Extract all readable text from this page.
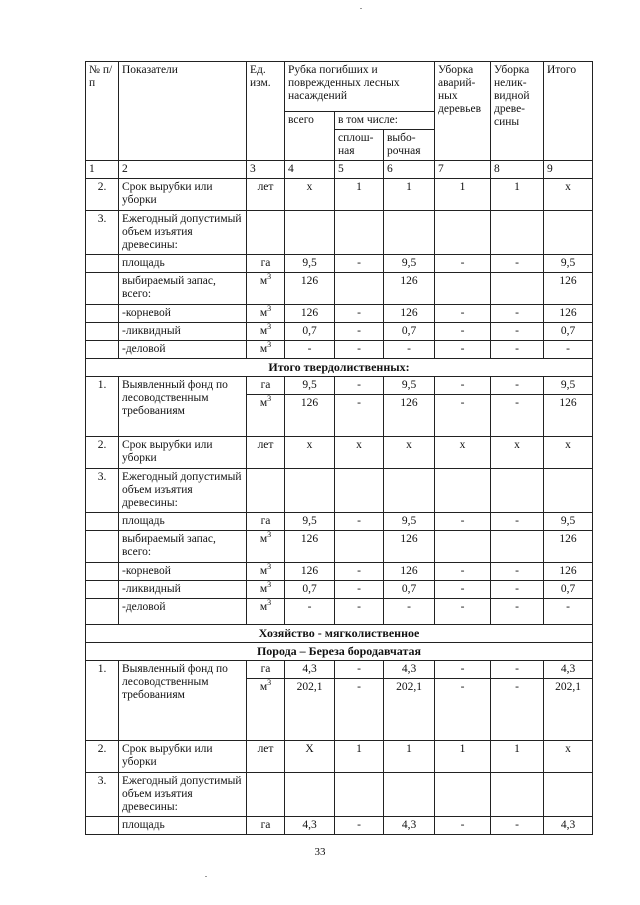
№ п/п	Показатели	Ед. изм.	Рубка погибших и поврежденных лесных насаждений			Уборка аварий-ных деревьев	Уборка нелик-видной древе-сины	Итого
			всего	в том числе:				
				сплош-ная	выбо-рочная			
1	2	3	4	5	6	7	8	9
2.	Срок вырубки или уборки	лет	х	1	1	1	1	х
3.	Ежегодный допустимый объем изъятия древесины:							
	площадь	га	9,5	-	9,5	-	-	9,5
	выбираемый запас, всего:	$м^3$	126		126			126
	-корневой	$м^3$	126	-	126	-	-	126
	-ликвидный	$м^3$	0,7	-	0,7	-	-	0,7
	-деловой	$м^3$	-	-	-	-	-	-
Итого твердолиственных:								
1.	Выявленный фонд по лесоводственным требованиям	га	9,5	-	9,5	-	-	9,5
		$м^3$	126	-	126	-	-	126
2.	Срок вырубки или уборки	лет	х	х	х	х	х	х
3.	Ежегодный допустимый объем изъятия древесины:							
	площадь	га	9,5	-	9,5	-	-	9,5
	выбираемый запас, всего:	$м^3$	126		126			126
	-корневой	$м^3$	126	-	126	-	-	126
	-ликвидный	$м^3$	0,7	-	0,7	-	-	0,7
	-деловой	$м^3$	-	-	-	-	-	-
Хозяйство - мягколиственное								
Порода – Береза бородавчатая								
1.	Выявленный фонд по лесоводственным требованиям	га	4,3	-	4,3	-	-	4,3
		$м^3$	202,1	-	202,1	-	-	202,1
2.	Срок вырубки или уборки	лет	Х	1	1	1	1	х
3.	Ежегодный допустимый объем изъятия древесины:							
	площадь	га	4,3	-	4,3	-	-	4,3
33
